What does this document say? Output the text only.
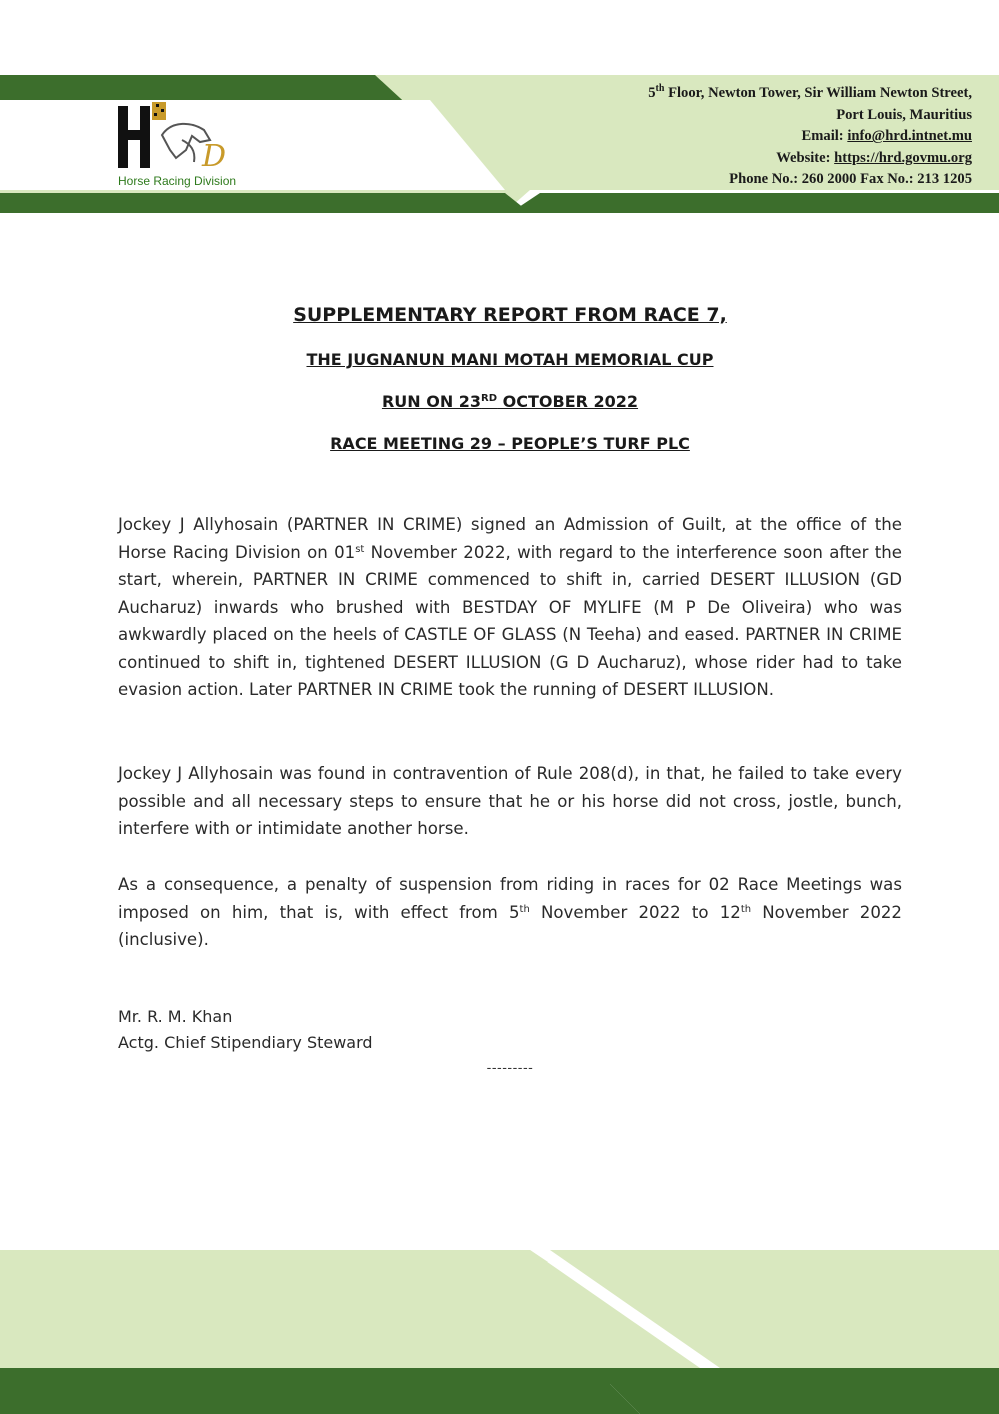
D
Horse Racing Division
5th Floor, Newton Tower, Sir William Newton Street,
Port Louis, Mauritius
Email: info@hrd.intnet.mu
Website: https://hrd.govmu.org
Phone No.: 260 2000 Fax No.: 213 1205
SUPPLEMENTARY REPORT FROM RACE 7,
THE JUGNANUN MANI MOTAH MEMORIAL CUP
RUN ON 23RD OCTOBER 2022
RACE MEETING 29 – PEOPLE’S TURF PLC
Jockey J Allyhosain (PARTNER IN CRIME) signed an Admission of Guilt, at the office of the Horse Racing Division on 01st November 2022, with regard to the interference soon after the start, wherein, PARTNER IN CRIME commenced to shift in, carried DESERT ILLUSION (GD Aucharuz) inwards who brushed with BESTDAY OF MYLIFE (M P De Oliveira) who was awkwardly placed on the heels of CASTLE OF GLASS (N Teeha) and eased. PARTNER IN CRIME continued to shift in, tightened DESERT ILLUSION (G D Aucharuz), whose rider had to take evasion action. Later PARTNER IN CRIME took the running of DESERT ILLUSION.
Jockey J Allyhosain was found in contravention of Rule 208(d), in that, he failed to take every possible and all necessary steps to ensure that he or his horse did not cross, jostle, bunch, interfere with or intimidate another horse.
As a consequence, a penalty of suspension from riding in races for 02 Race Meetings was imposed on him, that is, with effect from 5th November 2022 to 12th November 2022 (inclusive).
Mr. R. M. Khan
Actg. Chief Stipendiary Steward
---------
